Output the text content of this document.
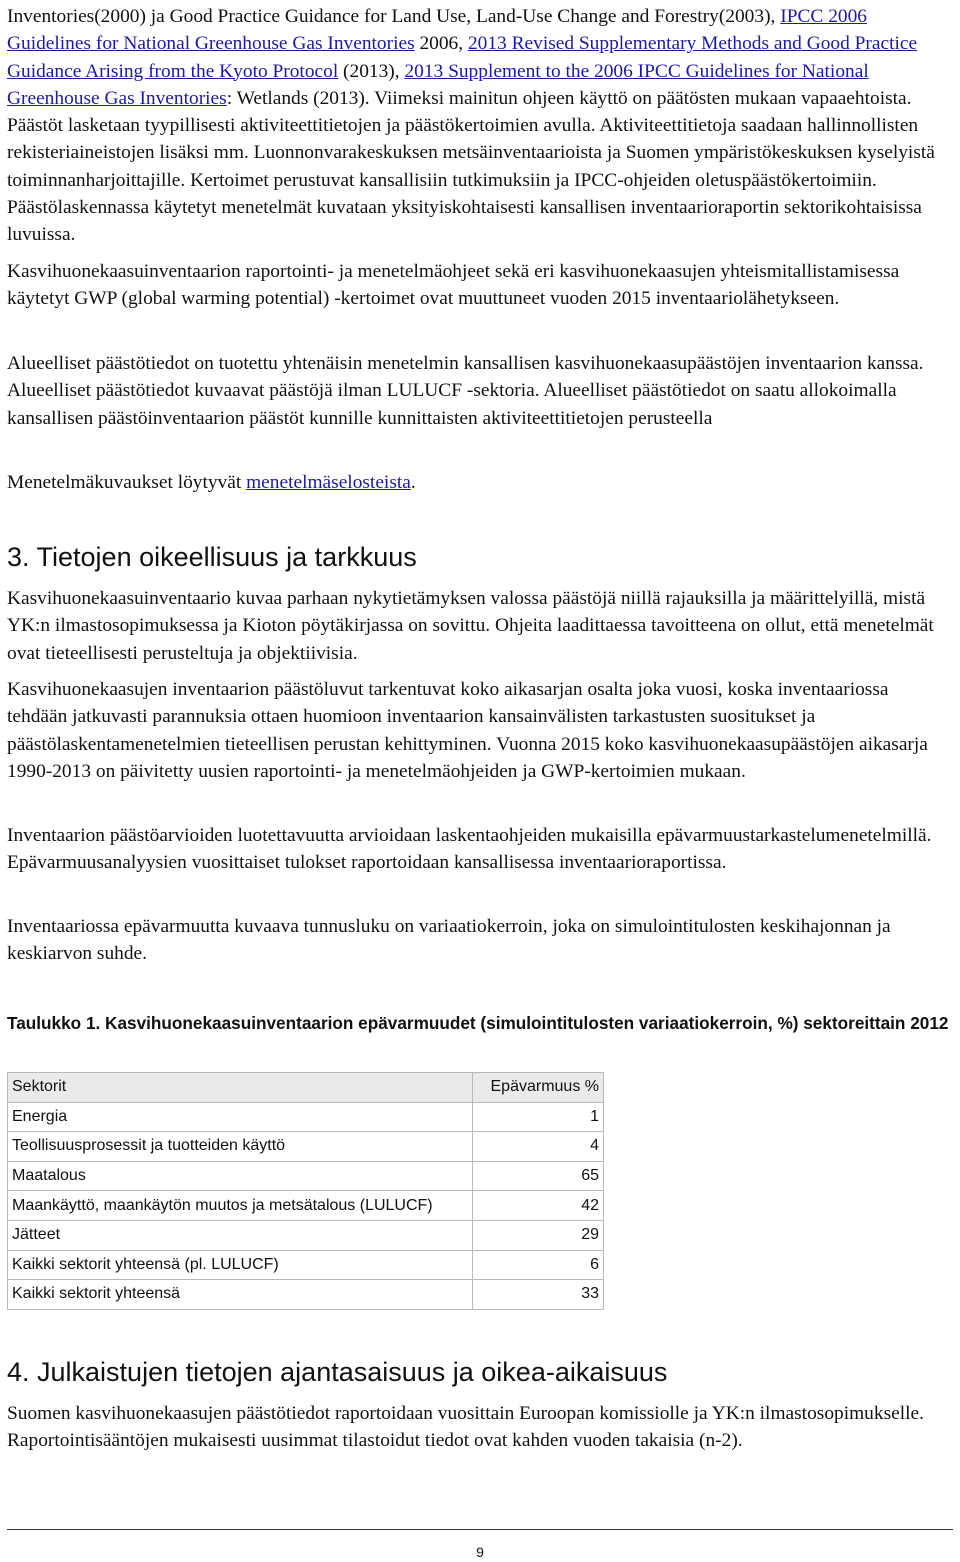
Inventories(2000) ja Good Practice Guidance for Land Use, Land-Use Change and Forestry(2003), IPCC 2006 Guidelines for National Greenhouse Gas Inventories 2006, 2013 Revised Supplementary Methods and Good Practice Guidance Arising from the Kyoto Protocol (2013), 2013 Supplement to the 2006 IPCC Guidelines for National Greenhouse Gas Inventories: Wetlands (2013). Viimeksi mainitun ohjeen käyttö on päätösten mukaan vapaaehtoista. Päästöt lasketaan tyypillisesti aktiviteettitietojen ja päästökertoimien avulla. Aktiviteettitietoja saadaan hallinnollisten rekisteriaineistojen lisäksi mm. Luonnonvarakeskuksen metsäinventaarioista ja Suomen ympäristökeskuksen kyselyistä toiminnanharjoittajille. Kertoimet perustuvat kansallisiin tutkimuksiin ja IPCC-ohjeiden oletuspäästökertoimiin. Päästölaskennassa käytetyt menetelmät kuvataan yksityiskohtaisesti kansallisen inventaarioraportin sektorikohtaisissa luvuissa.

Kasvihuonekaasuinventaarion raportointi- ja menetelmäohjeet sekä eri kasvihuonekaasujen yhteismitallistamisessa käytetyt GWP (global warming potential) -kertoimet ovat muuttuneet vuoden 2015 inventaariolähetykseen.

Alueelliset päästötiedot on tuotettu yhtenäisin menetelmin kansallisen kasvihuonekaasupäästöjen inventaarion kanssa. Alueelliset päästötiedot kuvaavat päästöjä ilman LULUCF -sektoria. Alueelliset päästötiedot on saatu allokoimalla kansallisen päästöinventaarion päästöt kunnille kunnittaisten aktiviteettitietojen perusteella

Menetelmäkuvaukset löytyvät menetelmäselosteista.

3. Tietojen oikeellisuus ja tarkkuus

Kasvihuonekaasuinventaario kuvaa parhaan nykytietämyksen valossa päästöjä niillä rajauksilla ja määrittelyillä, mistä YK:n ilmastosopimuksessa ja Kioton pöytäkirjassa on sovittu. Ohjeita laadittaessa tavoitteena on ollut, että menetelmät ovat tieteellisesti perusteltuja ja objektiivisia.

Kasvihuonekaasujen inventaarion päästöluvut tarkentuvat koko aikasarjan osalta joka vuosi, koska inventaariossa tehdään jatkuvasti parannuksia ottaen huomioon inventaarion kansainvälisten tarkastusten suositukset ja päästölaskentamenetelmien tieteellisen perustan kehittyminen. Vuonna 2015 koko kasvihuonekaasupäästöjen aikasarja 1990-2013 on päivitetty uusien raportointi- ja menetelmäohjeiden ja GWP-kertoimien mukaan.

Inventaarion päästöarvioiden luotettavuutta arvioidaan laskentaohjeiden mukaisilla epävarmuustarkastelumenetelmillä. Epävarmuusanalyysien vuosittaiset tulokset raportoidaan kansallisessa inventaarioraportissa.

Inventaariossa epävarmuutta kuvaava tunnusluku on variaatiokerroin, joka on simulointitulosten keskihajonnan ja keskiarvon suhde.

Taulukko 1. Kasvihuonekaasuinventaarion epävarmuudet (simulointitulosten variaatiokerroin, %) sektoreittain 2012
Sektorit	Epävarmuus %
Energia	1
Teollisuusprosessit ja tuotteiden käyttö	4
Maatalous	65
Maankäyttö, maankäytön muutos ja metsätalous (LULUCF)	42
Jätteet	29
Kaikki sektorit yhteensä (pl. LULUCF)	6
Kaikki sektorit yhteensä	33
4. Julkaistujen tietojen ajantasaisuus ja oikea-aikaisuus

Suomen kasvihuonekaasujen päästötiedot raportoidaan vuosittain Euroopan komissiolle ja YK:n ilmastosopimukselle. Raportointisääntöjen mukaisesti uusimmat tilastoidut tiedot ovat kahden vuoden takaisia (n-2).

9
